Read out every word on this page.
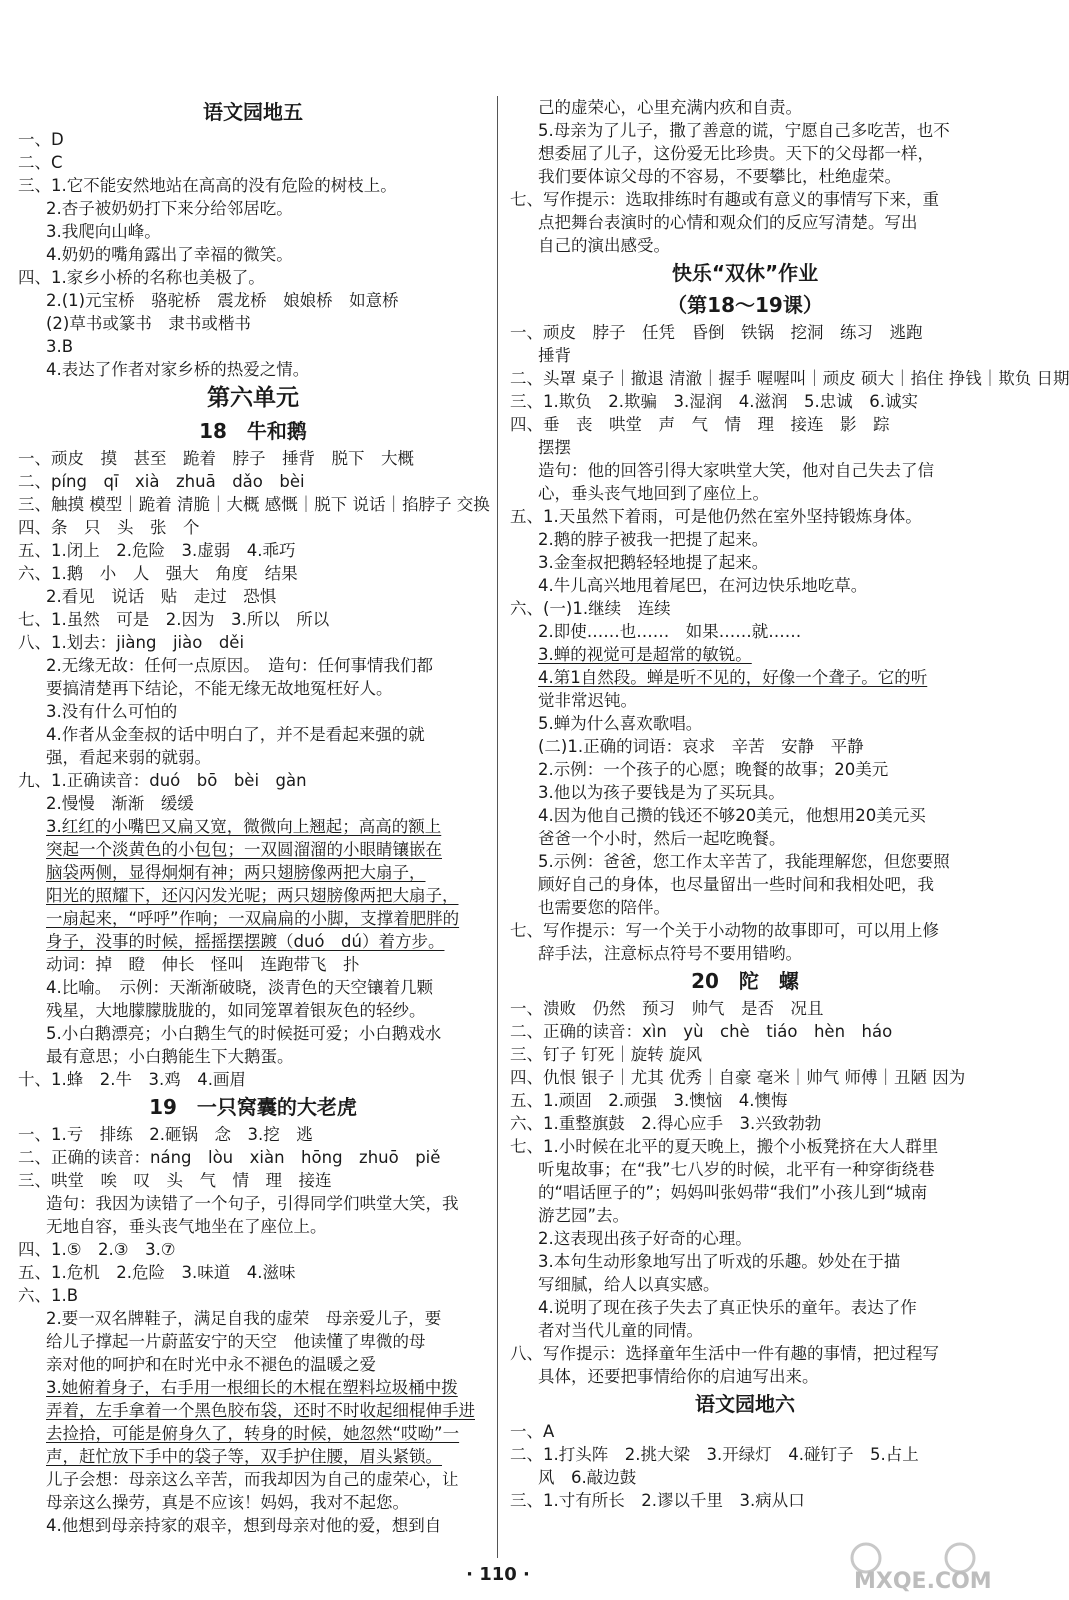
语文园地五
一、D
二、C
三、1.它不能安然地站在高高的没有危险的树枝上。
2.杏子被奶奶打下来分给邻居吃。
3.我爬向山峰。
4.奶奶的嘴角露出了幸福的微笑。
四、1.家乡小桥的名称也美极了。
2.(1)元宝桥　骆驼桥　震龙桥　娘娘桥　如意桥
(2)草书或篆书　隶书或楷书
3.B
4.表达了作者对家乡桥的热爱之情。
第六单元
18　牛和鹅
一、顽皮　摸　甚至　跪着　脖子　捶背　脱下　大概
二、píng　qī　xià　zhuā　dǎo　bèi
三、触摸 模型｜跪着 清脆｜大概 感慨｜脱下 说话｜掐脖子 交换
四、条　只　头　张　个
五、1.闭上　2.危险　3.虚弱　4.乖巧
六、1.鹅　小　人　强大　角度　结果
2.看见　说话　贴　走过　恐惧
七、1.虽然　可是　2.因为　3.所以　所以
八、1.划去：jiàng　jiào　děi
2.无缘无故：任何一点原因。　造句：任何事情我们都
要搞清楚再下结论，不能无缘无故地冤枉好人。
3.没有什么可怕的
4.作者从金奎叔的话中明白了，并不是看起来强的就
强，看起来弱的就弱。
九、1.正确读音：duó　bō　bèi　gàn
2.慢慢　渐渐　缓缓
3.红红的小嘴巴又扁又宽，微微向上翘起；高高的额上
突起一个淡黄色的小包包；一双圆溜溜的小眼睛镶嵌在
脑袋两侧，显得炯炯有神；两只翅膀像两把大扇子，
阳光的照耀下，还闪闪发光呢；两只翅膀像两把大扇子，
一扇起来，“呼呼”作响；一双扁扁的小脚，支撑着肥胖的
身子，没事的时候，摇摇摆摆踱（duó　dú）着方步。
动词：掉　瞪　伸长　怪叫　连跑带飞　扑
4.比喻。　示例：天渐渐破晓，淡青色的天空镶着几颗
残星，大地朦朦胧胧的，如同笼罩着银灰色的轻纱。
5.小白鹅漂亮；小白鹅生气的时候挺可爱；小白鹅戏水
最有意思；小白鹅能生下大鹅蛋。
十、1.蜂　2.牛　3.鸡　4.画眉
19　一只窝囊的大老虎
一、1.亏　排练　2.砸锅　念　3.挖　逃
二、正确的读音：náng　lòu　xiàn　hōng　zhuō　piě
三、哄堂　唉　叹　头　气　情　理　接连
造句：我因为读错了一个句子，引得同学们哄堂大笑，我
无地自容，垂头丧气地坐在了座位上。
四、1.⑤　2.③　3.⑦
五、1.危机　2.危险　3.味道　4.滋味
六、1.B
2.要一双名牌鞋子，满足自我的虚荣　母亲爱儿子，要
给儿子撑起一片蔚蓝安宁的天空　他读懂了卑微的母
亲对他的呵护和在时光中永不褪色的温暖之爱
3.她俯着身子，右手用一根细长的木棍在塑料垃圾桶中拨
弄着，左手拿着一个黑色胶布袋，还时不时收起细棍伸手进
去捡拾，可能是俯身久了，转身的时候，她忽然“哎呦”一
声，赶忙放下手中的袋子等，双手护住腰，眉头紧锁。
儿子会想：母亲这么辛苦，而我却因为自己的虚荣心，让
母亲这么操劳，真是不应该！妈妈，我对不起您。
4.他想到母亲持家的艰辛，想到母亲对他的爱，想到自
己的虚荣心，心里充满内疚和自责。
5.母亲为了儿子，撒了善意的谎，宁愿自己多吃苦，也不
想委屈了儿子，这份爱无比珍贵。天下的父母都一样，
我们要体谅父母的不容易，不要攀比，杜绝虚荣。
七、写作提示：选取排练时有趣或有意义的事情写下来，重
点把舞台表演时的心情和观众们的反应写清楚。写出
自己的演出感受。
快乐“双休”作业
（第18～19课）
一、顽皮　脖子　任凭　昏倒　铁锅　挖洞　练习　逃跑
捶背
二、头罩 桌子｜撤退 清澈｜握手 喔喔叫｜顽皮 硕大｜掐住 挣钱｜欺负 日期
三、1.欺负　2.欺骗　3.湿润　4.滋润　5.忠诚　6.诚实
四、垂　丧　哄堂　声　气　情　理　接连　影　踪
摆摆
造句：他的回答引得大家哄堂大笑，他对自己失去了信
心，垂头丧气地回到了座位上。
五、1.天虽然下着雨，可是他仍然在室外坚持锻炼身体。
2.鹅的脖子被我一把提了起来。
3.金奎叔把鹅轻轻地提了起来。
4.牛儿高兴地甩着尾巴，在河边快乐地吃草。
六、(一)1.继续　连续
2.即使……也……　如果……就……
3.蝉的视觉可是超常的敏锐。
4.第1自然段。蝉是听不见的，好像一个聋子。它的听
觉非常迟钝。
5.蝉为什么喜欢歌唱。
(二)1.正确的词语：哀求　辛苦　安静　平静
2.示例：一个孩子的心愿；晚餐的故事；20美元
3.他以为孩子要钱是为了买玩具。
4.因为他自己攒的钱还不够20美元，他想用20美元买
爸爸一个小时，然后一起吃晚餐。
5.示例：爸爸，您工作太辛苦了，我能理解您，但您要照
顾好自己的身体，也尽量留出一些时间和我相处吧，我
也需要您的陪伴。
七、写作提示：写一个关于小动物的故事即可，可以用上修
辞手法，注意标点符号不要用错哟。
20　陀　螺
一、溃败　仍然　预习　帅气　是否　况且
二、正确的读音：xìn　yù　chè　tiáo　hèn　háo
三、钉子 钉死｜旋转 旋风
四、仇恨 银子｜尤其 优秀｜自豪 毫米｜帅气 师傅｜丑陋 因为
五、1.顽固　2.顽强　3.懊恼　4.懊悔
六、1.重整旗鼓　2.得心应手　3.兴致勃勃
七、1.小时候在北平的夏天晚上，搬个小板凳挤在大人群里
听鬼故事；在“我”七八岁的时候，北平有一种穿街绕巷
的“唱话匣子的”；妈妈叫张妈带“我们”小孩儿到“城南
游艺园”去。
2.这表现出孩子好奇的心理。
3.本句生动形象地写出了听戏的乐趣。妙处在于描
写细腻，给人以真实感。
4.说明了现在孩子失去了真正快乐的童年。表达了作
者对当代儿童的同情。
八、写作提示：选择童年生活中一件有趣的事情，把过程写
具体，还要把事情给你的启迪写出来。
语文园地六
一、A
二、1.打头阵　2.挑大梁　3.开绿灯　4.碰钉子　5.占上
风　6.敲边鼓
三、1.寸有所长　2.谬以千里　3.病从口
· 110 ·	MXQE.COM
